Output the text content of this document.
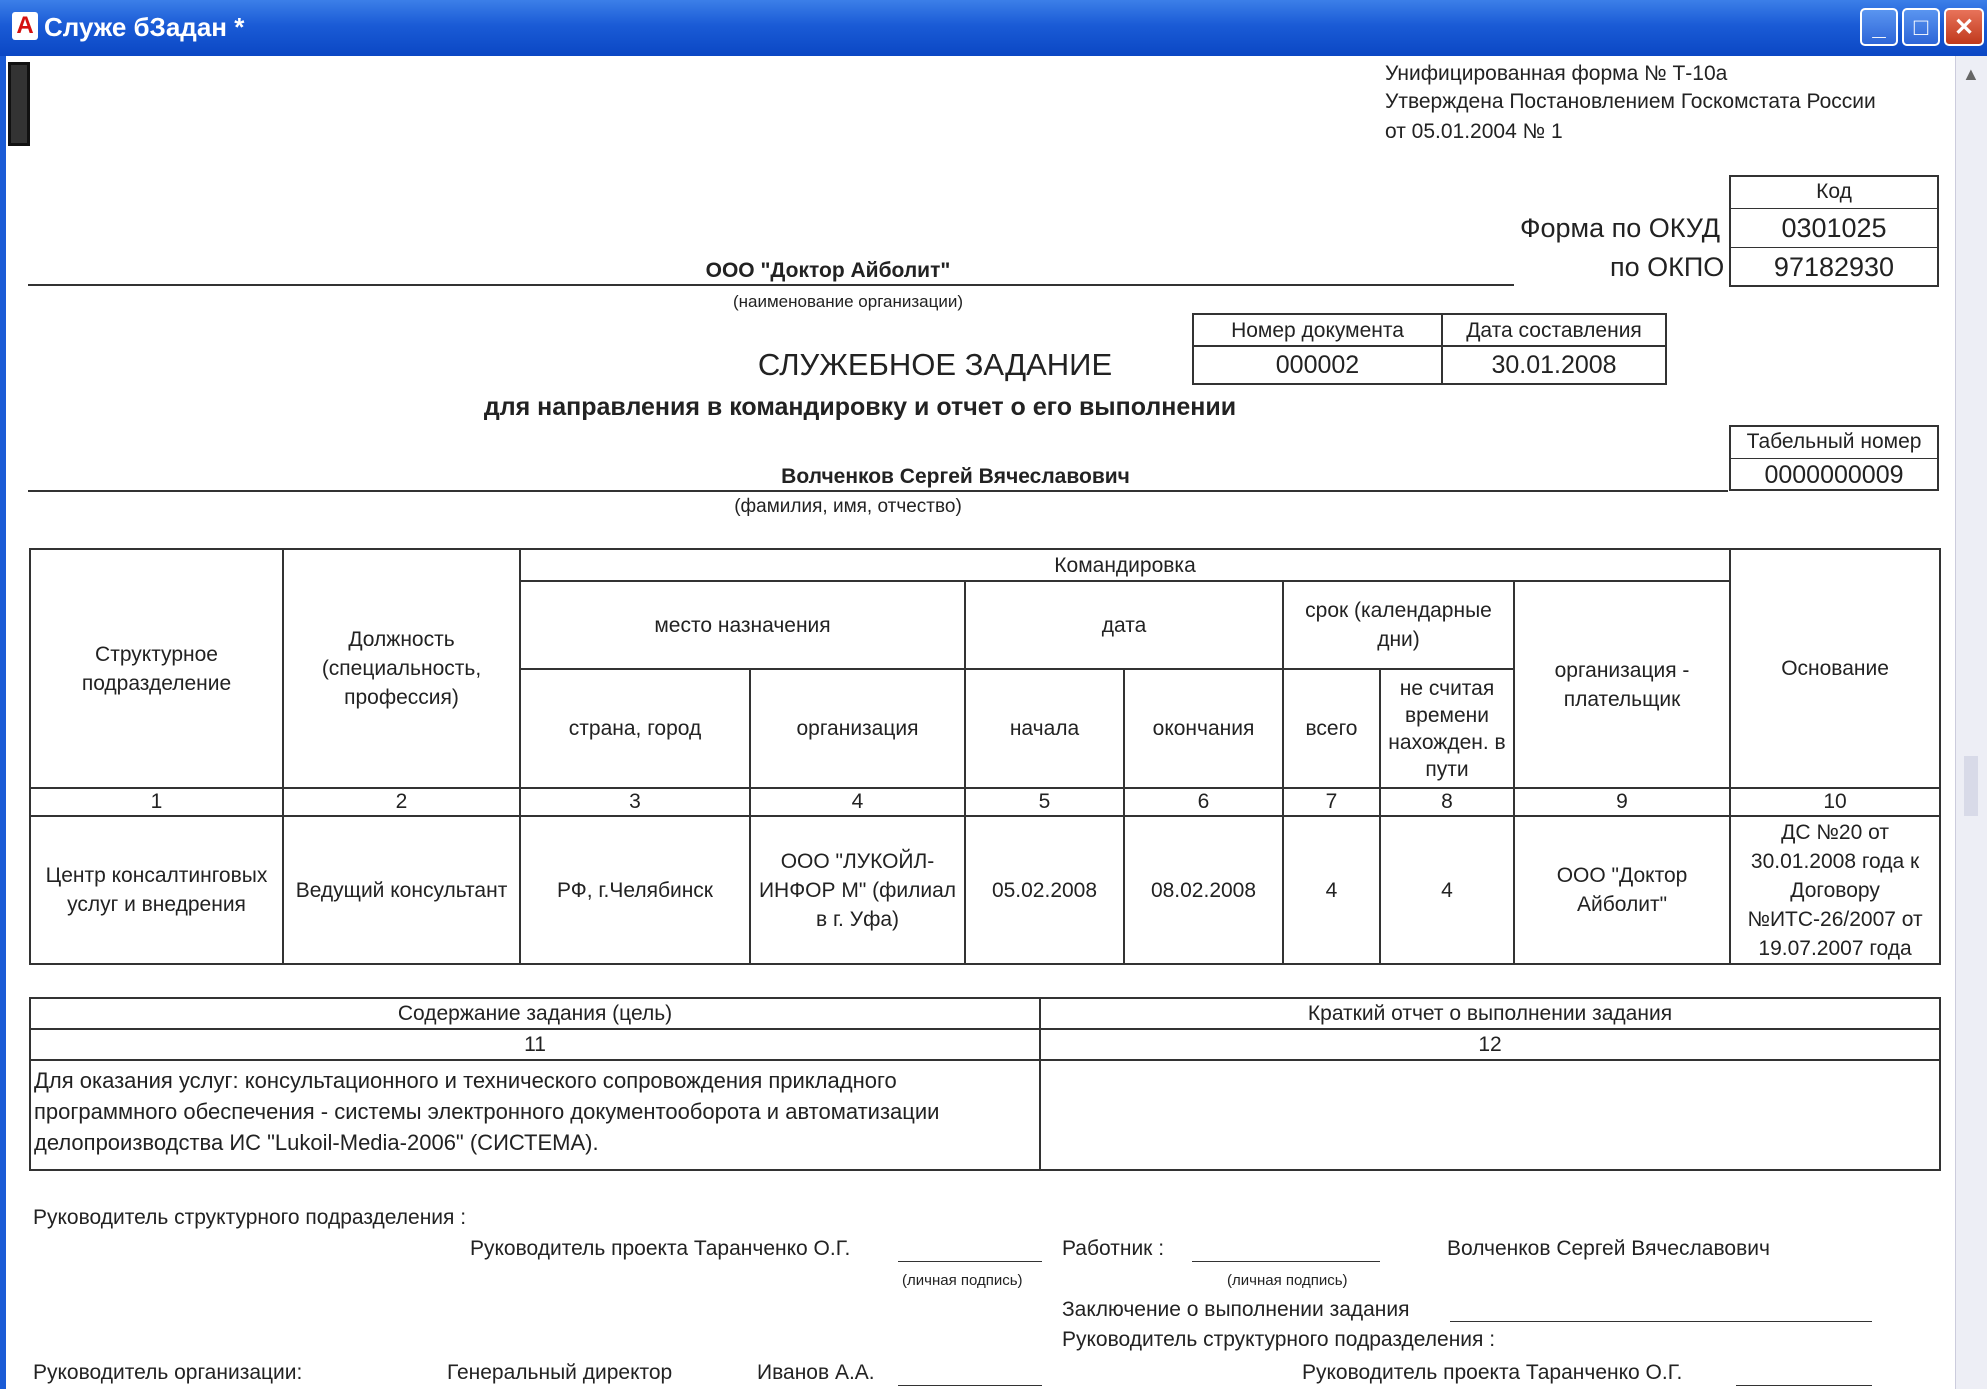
A Служе бЗадан *	_	□	✕
▲
Унифицированная форма № Т-10а
Утверждена Постановлением Госкомстата России
от 05.01.2004 № 1
Код
Форма по ОКУД	0301025
по ОКПО	97182930
ООО "Доктор Айболит"
(наименование организации)
Номер документа	Дата составления
000002	30.01.2008
СЛУЖЕБНОЕ ЗАДАНИЕ
для направления в командировку и отчет о его выполнении
Табельный номер
0000000009
Волченков Сергей Вячеславович
(фамилия, имя, отчество)
Структурное подразделение	Должность (специальность, профессия)	Командировка							Основание
		место назначения		дата		срок (календарные дни)		организация - плательщик	
		страна, город	организация	начала	окончания	всего	не считая времени нахожден. в пути		
1	2	3	4	5	6	7	8	9	10
Центр консалтинговых услуг и внедрения	Ведущий консультант	РФ, г.Челябинск	ООО "ЛУКОЙЛ-ИНФОР М" (филиал в г. Уфа)	05.02.2008	08.02.2008	4	4	ООО "Доктор Айболит"	ДС №20 от 30.01.2008 года к Договору №ИТС-26/2007 от 19.07.2007 года
Содержание задания (цель)	Краткий отчет о выполнении задания
11	12
Для оказания услуг: консультационного и технического сопровождения прикладного программного обеспечения - системы электронного документооборота и автоматизации делопроизводства ИС "Lukoil-Media-2006" (СИСТЕМА).	
Руководитель структурного подразделения :
Руководитель проекта Таранченко О.Г.
(личная подпись)
Работник :
(личная подпись)
Волченков Сергей Вячеславович
Заключение о выполнении задания
Руководитель структурного подразделения :
Руководитель организации:	Генеральный директор	Иванов А.А.	Руководитель проекта Таранченко О.Г.
